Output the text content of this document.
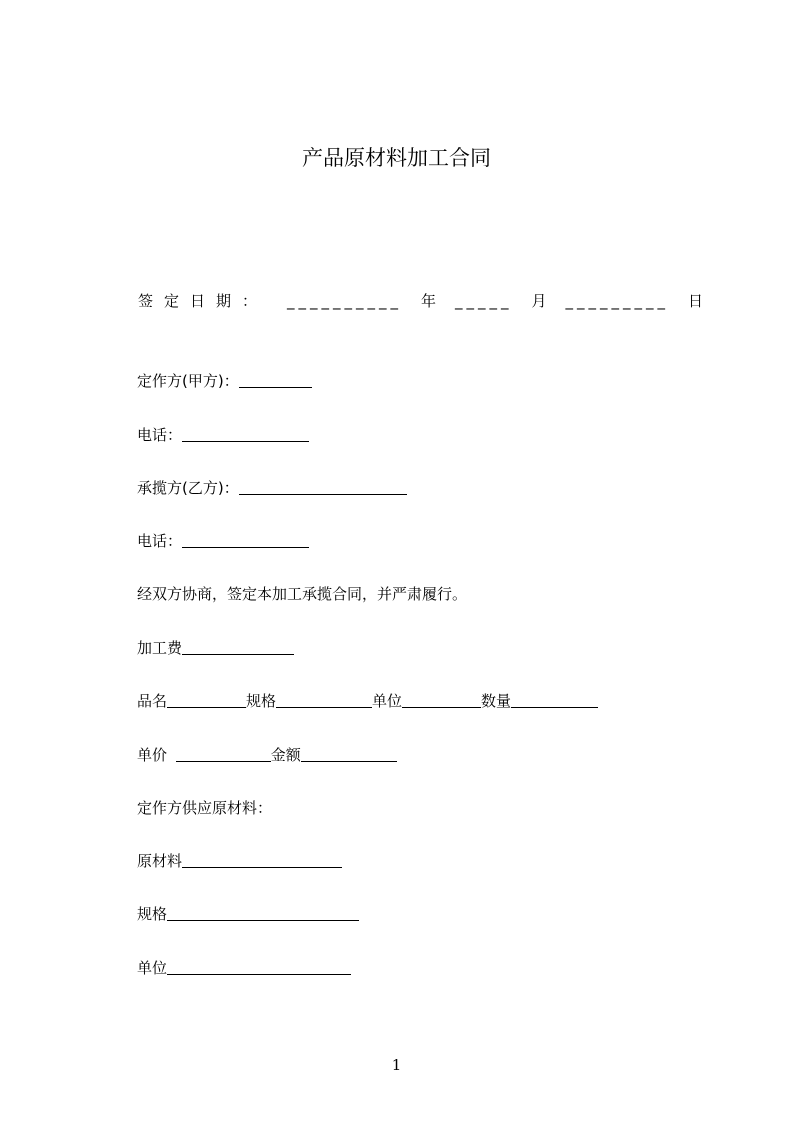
产品原材料加工合同
签定日期： __________ 年 _____ 月 _________ 日
定作方(甲方)：
电话：
承揽方(乙方)：
电话：
经双方协商，签定本加工承揽合同，并严肃履行。
加工费
品名	规格	单位	数量
单价	金额
定作方供应原材料：
原材料
规格
单位
1
